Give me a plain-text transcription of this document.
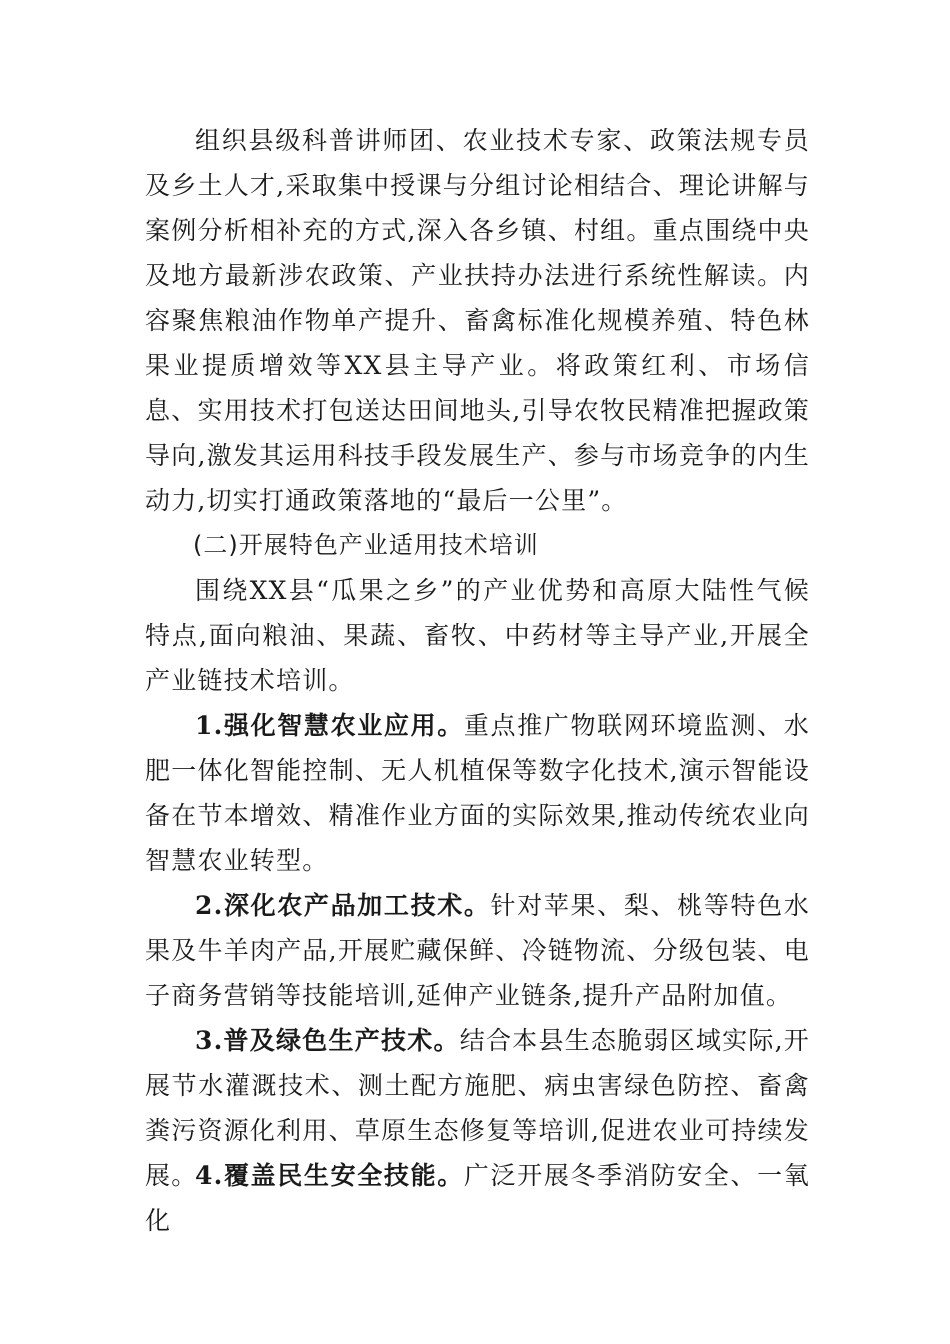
组织县级科普讲师团、农业技术专家、政策法规专员及乡土人才,采取集中授课与分组讨论相结合、理论讲解与案例分析相补充的方式,深入各乡镇、村组。重点围绕中央及地方最新涉农政策、产业扶持办法进行系统性解读。内容聚焦粮油作物单产提升、畜禽标准化规模养殖、特色林果业提质增效等XX县主导产业。将政策红利、市场信息、实用技术打包送达田间地头,引导农牧民精准把握政策导向,激发其运用科技手段发展生产、参与市场竞争的内生动力,切实打通政策落地的“最后一公里”。

(二)开展特色产业适用技术培训

围绕XX县“瓜果之乡”的产业优势和高原大陆性气候特点,面向粮油、果蔬、畜牧、中药材等主导产业,开展全产业链技术培训。

1.强化智慧农业应用。重点推广物联网环境监测、水肥一体化智能控制、无人机植保等数字化技术,演示智能设备在节本增效、精准作业方面的实际效果,推动传统农业向智慧农业转型。

2.深化农产品加工技术。针对苹果、梨、桃等特色水果及牛羊肉产品,开展贮藏保鲜、冷链物流、分级包装、电子商务营销等技能培训,延伸产业链条,提升产品附加值。

3.普及绿色生产技术。结合本县生态脆弱区域实际,开展节水灌溉技术、测土配方施肥、病虫害绿色防控、畜禽粪污资源化利用、草原生态修复等培训,促进农业可持续发展。

4.覆盖民生安全技能。广泛开展冬季消防安全、一氧化
